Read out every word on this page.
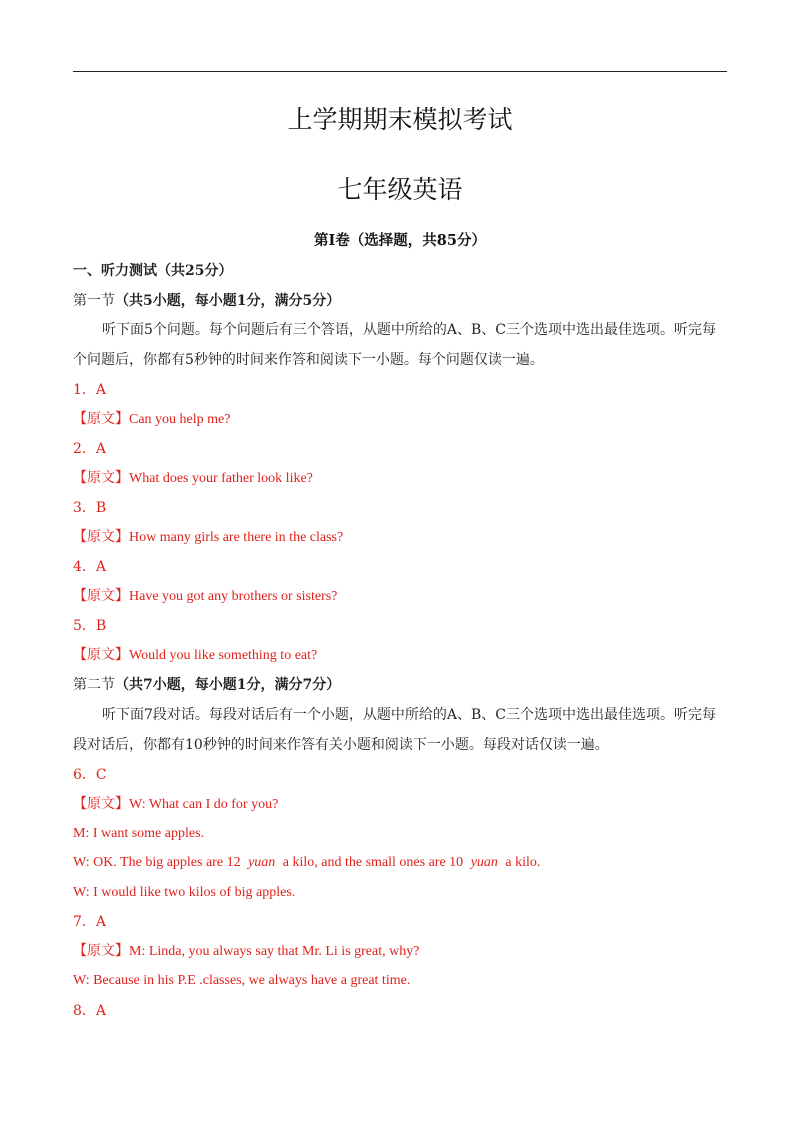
上学期期末模拟考试
七年级英语
第Ⅰ卷（选择题，共85分）
一、听力测试（共25分）
第一节（共5小题，每小题1分，满分5分）
听下面5个问题。每个问题后有三个答语，从题中所给的A、B、C三个选项中选出最佳选项。听完每
个问题后，你都有5秒钟的时间来作答和阅读下一小题。每个问题仅读一遍。
1．A
【原文】Can you help me?
2．A
【原文】What does your father look like?
3．B
【原文】How many girls are there in the class?
4．A
【原文】Have you got any brothers or sisters?
5．B
【原文】Would you like something to eat?
第二节（共7小题，每小题1分，满分7分）
听下面7段对话。每段对话后有一个小题，从题中所给的A、B、C三个选项中选出最佳选项。听完每
段对话后，你都有10秒钟的时间来作答有关小题和阅读下一小题。每段对话仅读一遍。
6．C
【原文】W: What can I do for you?
M: I want some apples.
W: OK. The big apples are 12 yuan a kilo, and the small ones are 10 yuan a kilo.
W: I would like two kilos of big apples.
7．A
【原文】M: Linda, you always say that Mr. Li is great, why?
W: Because in his P.E .classes, we always have a great time.
8．A
